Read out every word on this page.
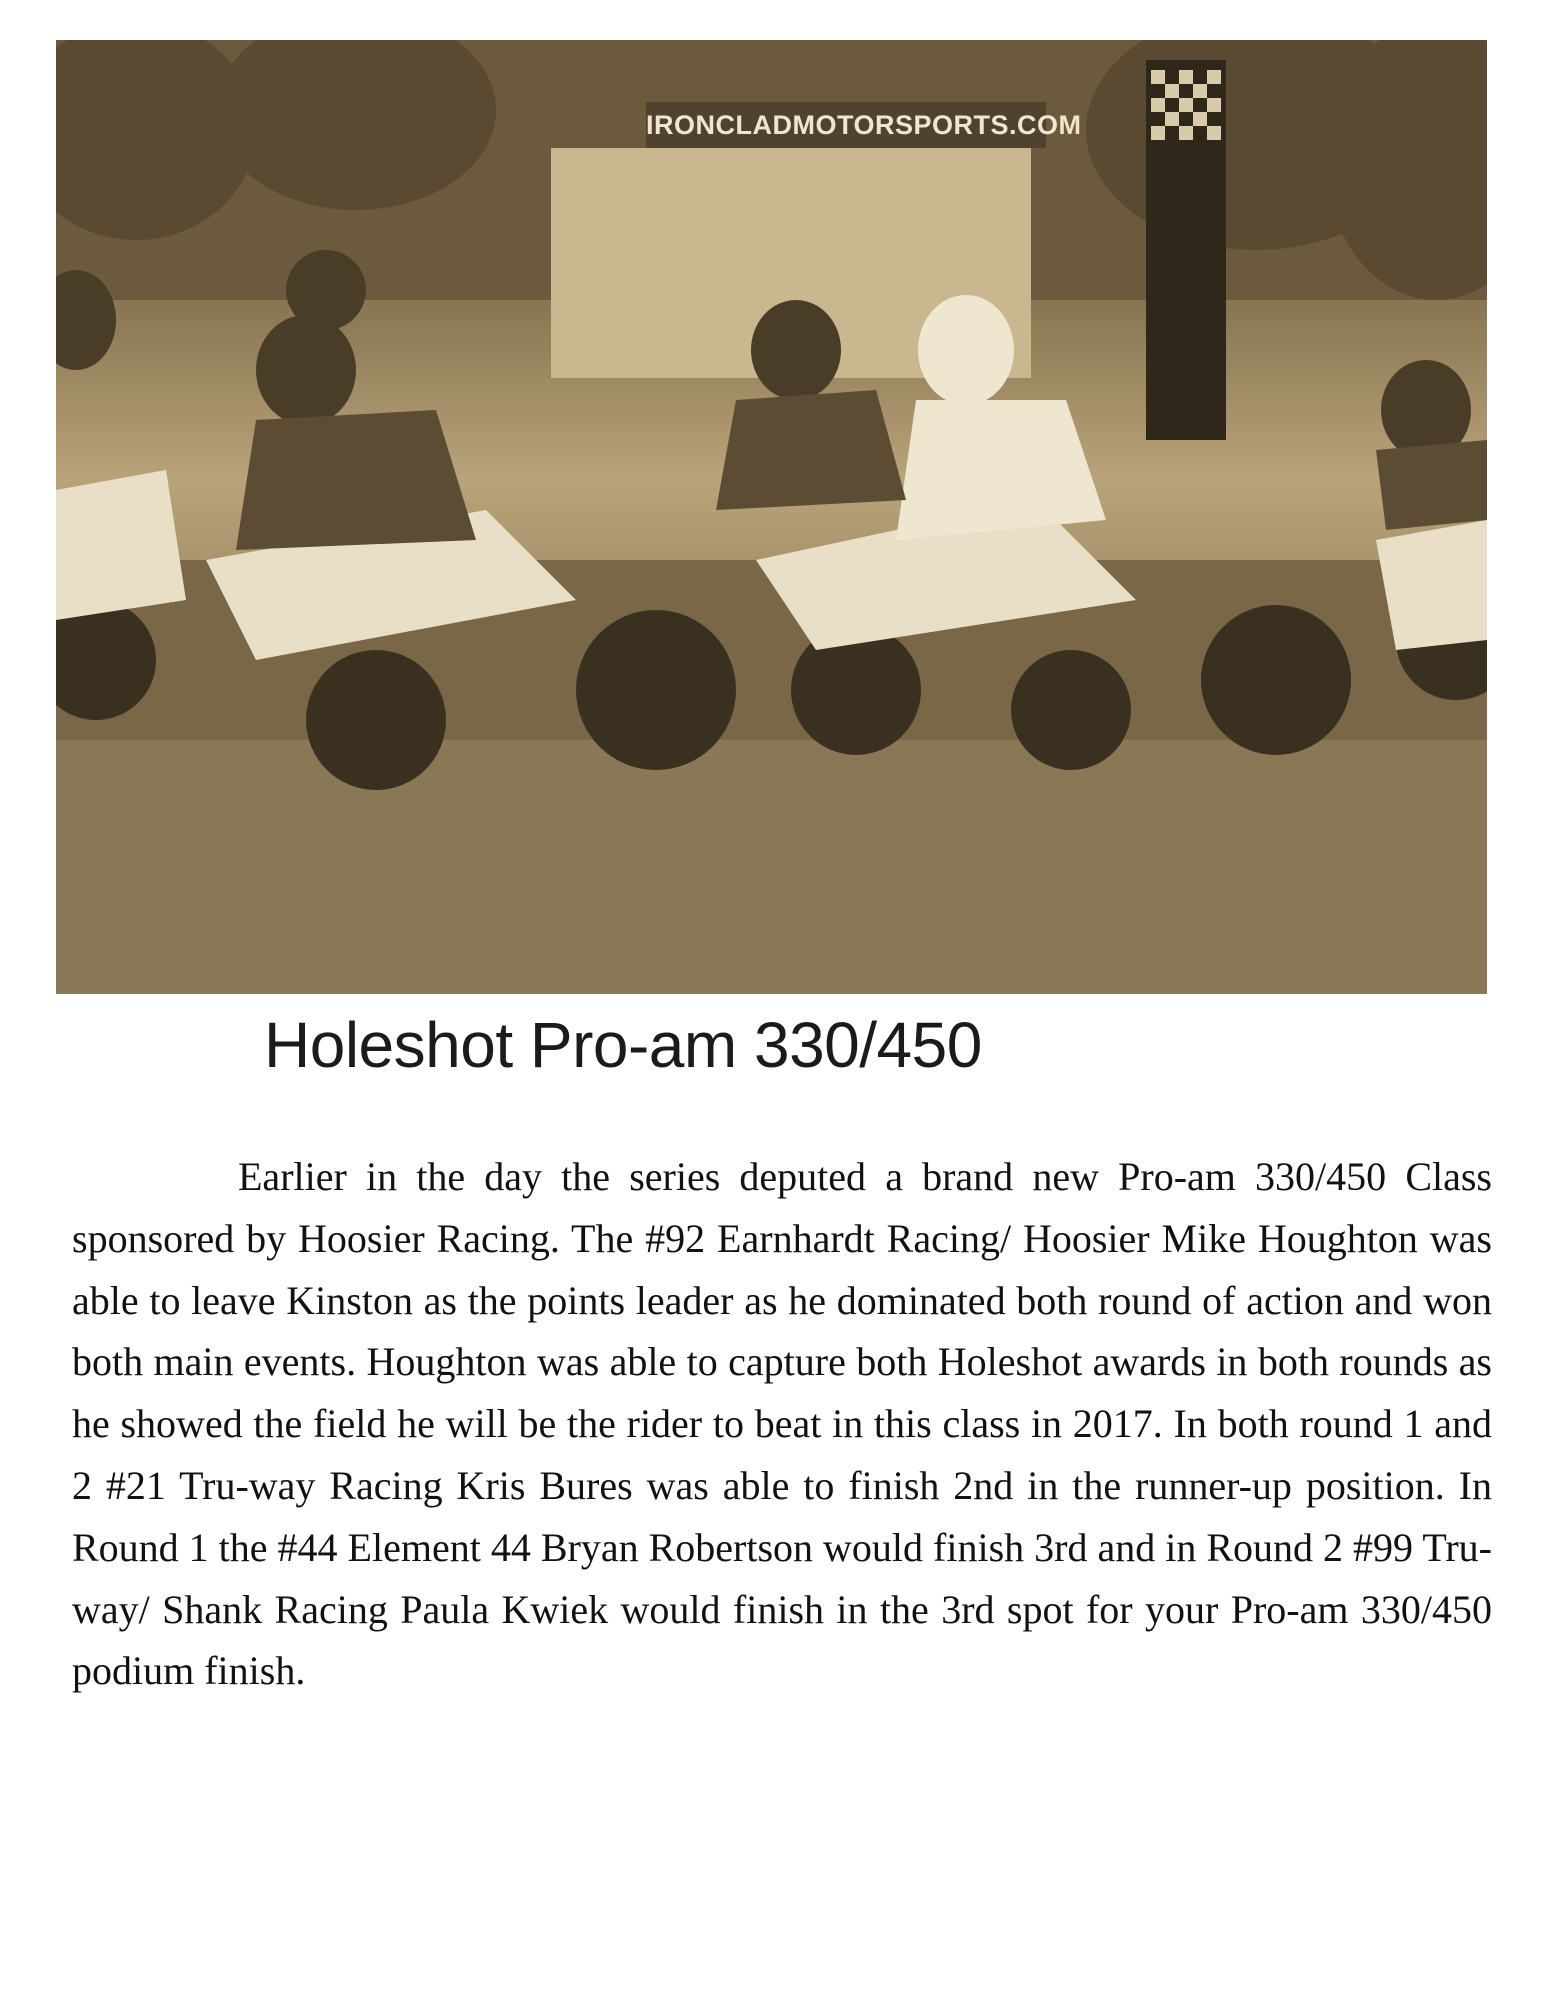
IRONCLADMOTORSPORTS.COM
Holeshot Pro-am 330/450

Earlier in the day the series deputed a brand new Pro-am 330/450 Class sponsored by Hoosier Racing. The #92 Earnhardt Racing/ Hoosier Mike Houghton was able to leave Kinston as the points leader as he dominated both round of action and won both main events. Houghton was able to capture both Holeshot awards in both rounds as he showed the field he will be the rider to beat in this class in 2017. In both round 1 and 2 #21 Tru-way Racing Kris Bures was able to finish 2nd in the runner-up position. In Round 1 the #44 Element 44 Bryan Robertson would finish 3rd and in Round 2 #99 Tru-way/ Shank Racing Paula Kwiek would finish in the 3rd spot for your Pro-am 330/450 podium finish.
